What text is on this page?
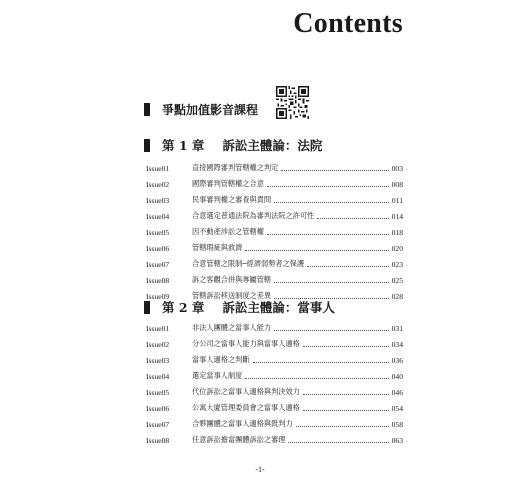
Contents
爭點加值影音課程
第 1 章 訴訟主體論：法院
Issue01	直接國際審判管轄權之判定	003
Issue02	國際審判管轄權之合意	008
Issue03	民事審判權之審查與責問	011
Issue04	合意選定普通法院為審判法院之許可性	014
Issue05	因不動產涉訟之管轄權	018
Issue06	管轄瑕疵與救濟	020
Issue07	合意管轄之限制─經濟弱勢者之保護	023
Issue08	訴之客觀合併與專屬管轄	025
Issue09	管轄訴訟移送制度之差異	028
第 2 章 訴訟主體論：當事人
Issue01	非法人團體之當事人能力	031
Issue02	分公司之當事人能力與當事人適格	034
Issue03	當事人適格之判斷	036
Issue04	選定當事人制度	040
Issue05	代位訴訟之當事人適格與判決效力	046
Issue06	公寓大廈管理委員會之當事人適格	054
Issue07	合夥團體之當事人適格與既判力	058
Issue08	任意訴訟擔當團體訴訟之審理	063
-1-
